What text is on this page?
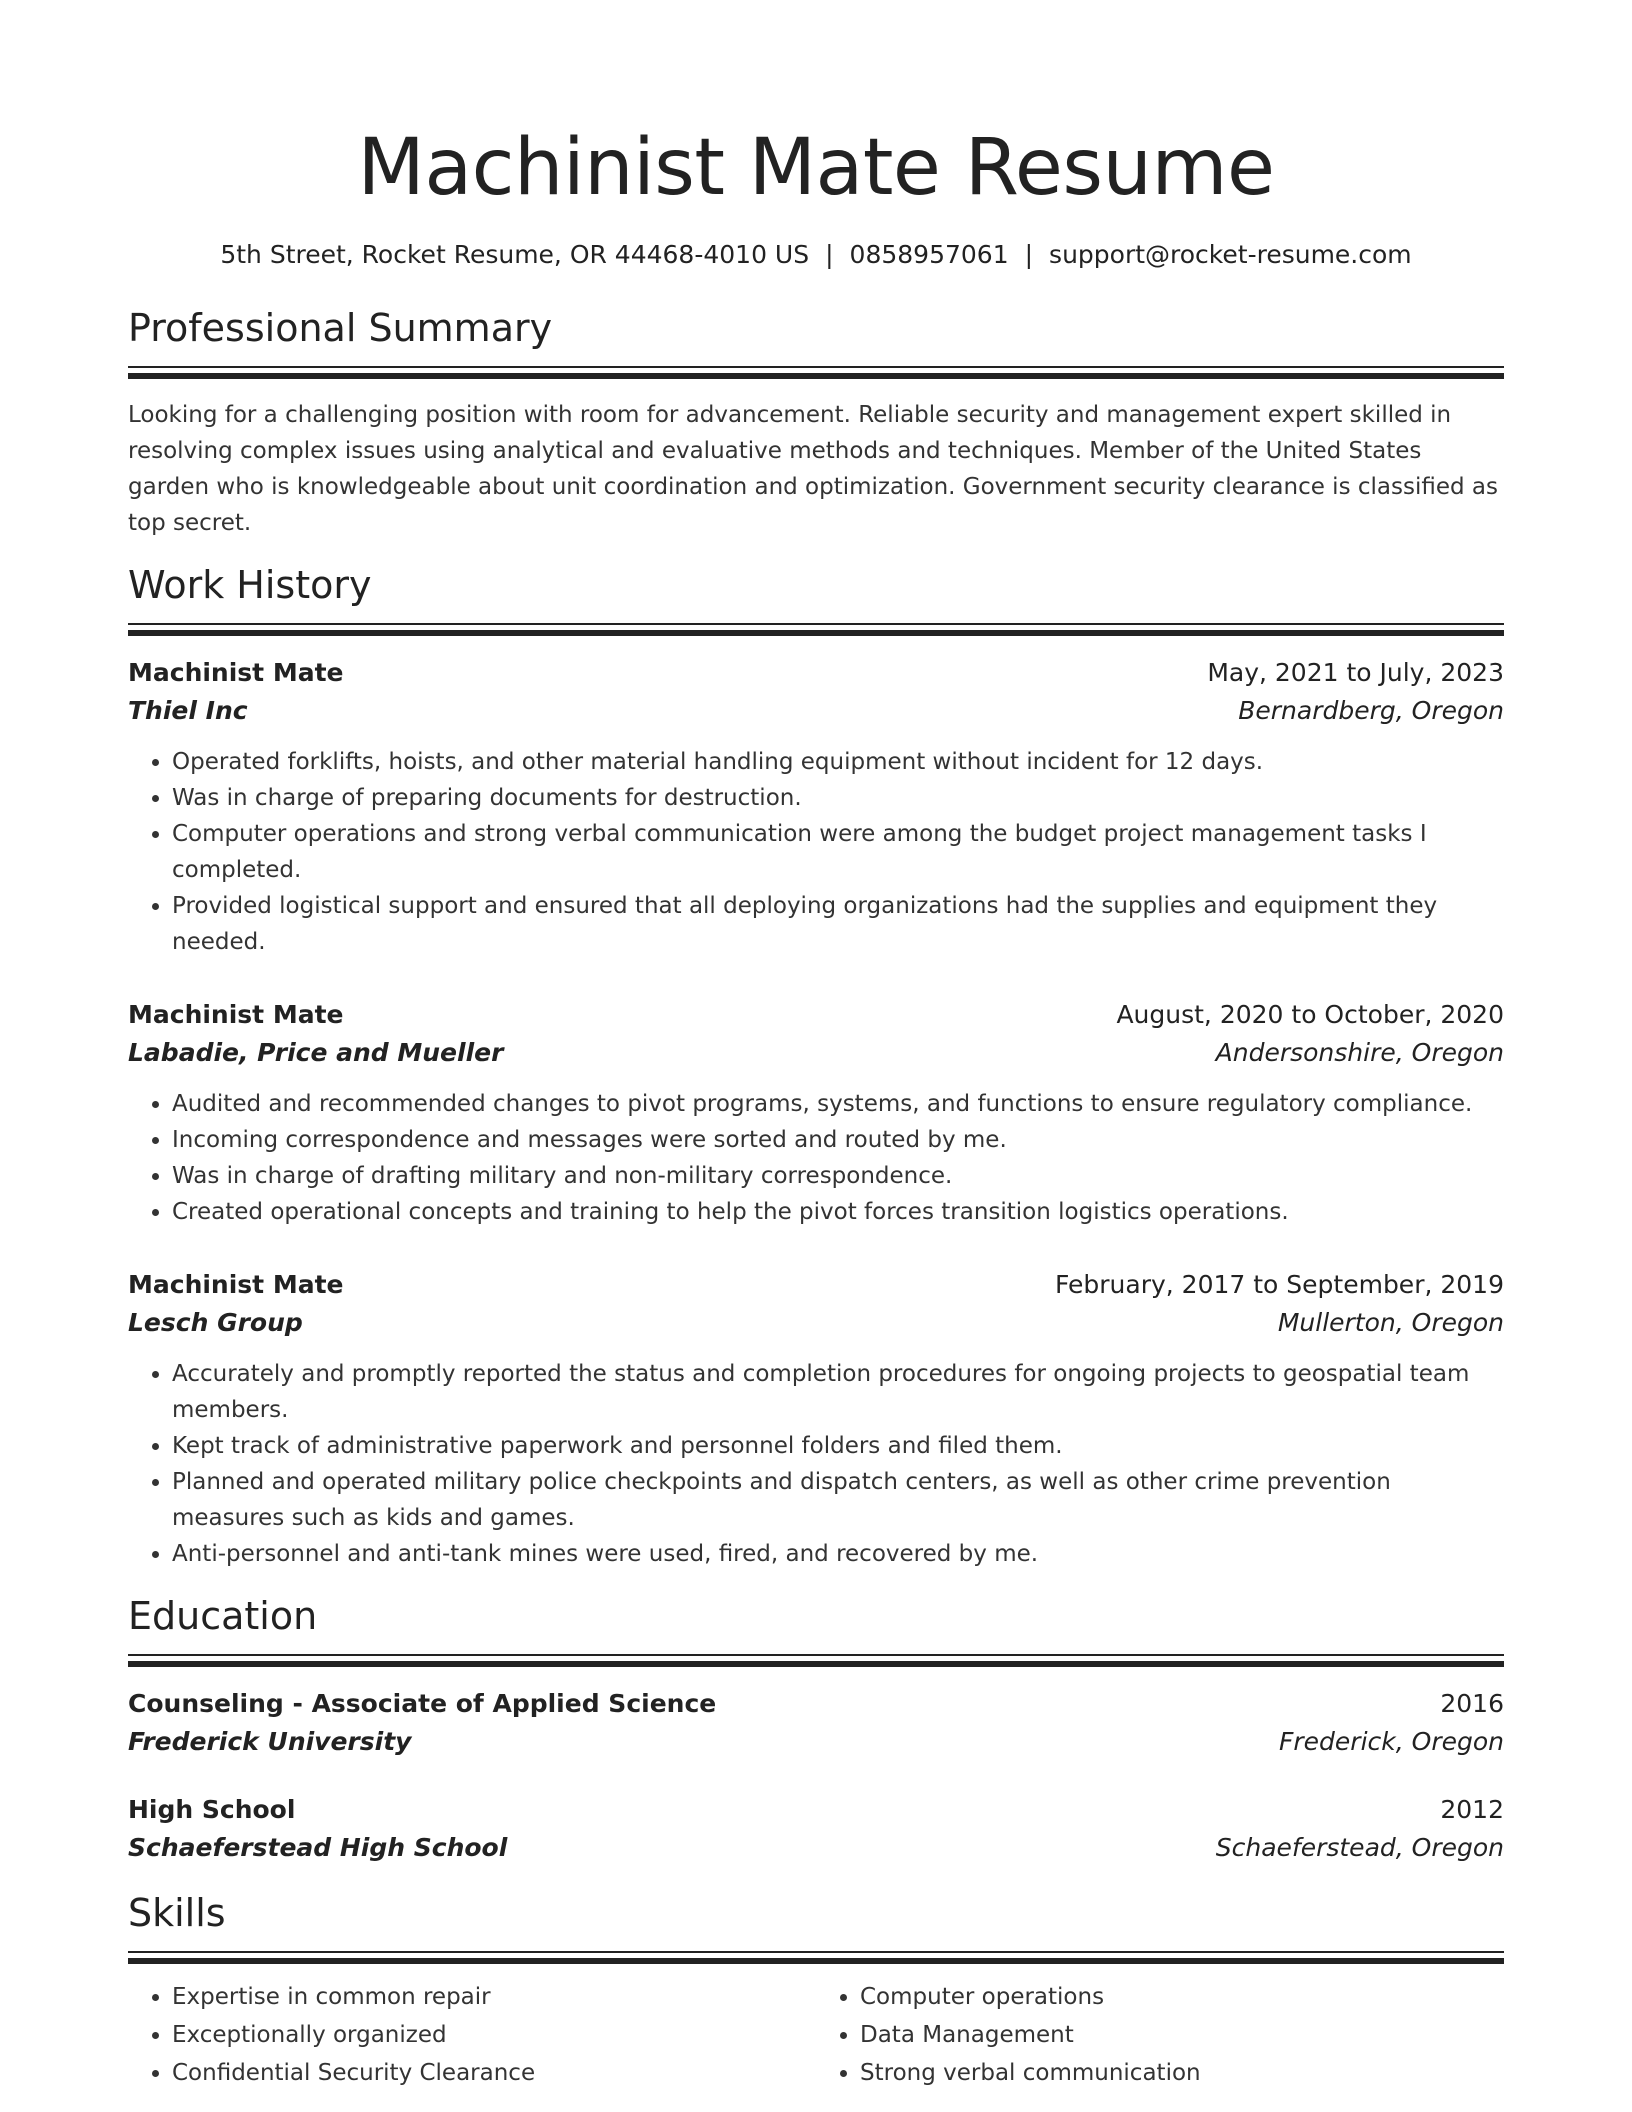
Machinist Mate Resume
5th Street, Rocket Resume, OR 44468-4010 US | 0858957061 | support@rocket-resume.com
Professional Summary

Looking for a challenging position with room for advancement. Reliable security and management expert skilled in resolving complex issues using analytical and evaluative methods and techniques. Member of the United States garden who is knowledgeable about unit coordination and optimization. Government security clearance is classified as top secret.

Work History
Machinist Mate	May, 2021 to July, 2023
Thiel Inc	Bernardberg, Oregon
• Operated forklifts, hoists, and other material handling equipment without incident for 12 days.
• Was in charge of preparing documents for destruction.
• Computer operations and strong verbal communication were among the budget project management tasks I completed.
• Provided logistical support and ensured that all deploying organizations had the supplies and equipment they needed.
Machinist Mate	August, 2020 to October, 2020
Labadie, Price and Mueller	Andersonshire, Oregon
• Audited and recommended changes to pivot programs, systems, and functions to ensure regulatory compliance.
• Incoming correspondence and messages were sorted and routed by me.
• Was in charge of drafting military and non-military correspondence.
• Created operational concepts and training to help the pivot forces transition logistics operations.
Machinist Mate	February, 2017 to September, 2019
Lesch Group	Mullerton, Oregon
• Accurately and promptly reported the status and completion procedures for ongoing projects to geospatial team members.
• Kept track of administrative paperwork and personnel folders and filed them.
• Planned and operated military police checkpoints and dispatch centers, as well as other crime prevention measures such as kids and games.
• Anti-personnel and anti-tank mines were used, fired, and recovered by me.
Education
Counseling - Associate of Applied Science	2016
Frederick University	Frederick, Oregon
High School	2012
Schaeferstead High School	Schaeferstead, Oregon
Skills
• Expertise in common repair
• Exceptionally organized
• Confidential Security Clearance
• Computer operations
• Data Management
• Strong verbal communication
